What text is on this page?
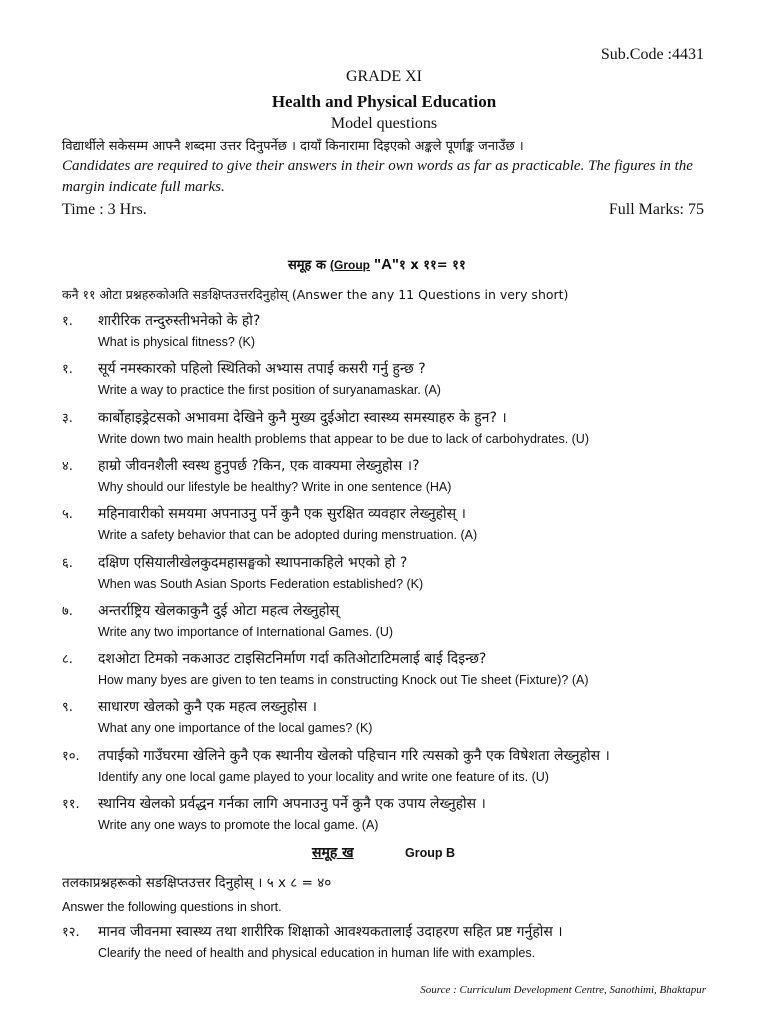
Sub.Code :4431
GRADE XI
Health and Physical Education
Model questions
विद्यार्थीले सकेसम्म आफ्नै शब्दमा उत्तर दिनुपर्नेछ । दायाँ किनारामा दिइएको अङ्कले पूर्णाङ्क जनाउँछ ।
Candidates are required to give their answers in their own words as far as practicable. The figures in the
margin indicate full marks.
Time : 3 Hrs.	Full Marks: 75
समूह क (Group "A"१ x ११= ११
कनै ११ ओटा प्रश्नहरुकोअति सङक्षिप्तउत्तरदिनुहोस् (Answer the any 11 Questions in very short)
१. शारीरिक तन्दुरुस्तीभनेको के हो?
What is physical fitness? (K)
१. सूर्य नमस्कारको पहिलो स्थितिको अभ्यास तपाई कसरी गर्नु हुन्छ ?
Write a way to practice the first position of suryanamaskar. (A)
३. कार्बोहाइड्रेटसको अभावमा देखिने कुनै मुख्य दुईओटा स्वास्थ्य समस्याहरु के हुन? ।
Write down two main health problems that appear to be due to lack of carbohydrates. (U)
४. हाम्रो जीवनशैली स्वस्थ हुनुपर्छ ?किन, एक वाक्यमा लेख्नुहोस ।?
Why should our lifestyle be healthy? Write in one sentence (HA)
५. महिनावारीको समयमा अपनाउनु पर्ने कुनै एक सुरक्षित व्यवहार लेख्नुहोस् ।
Write a safety behavior that can be adopted during menstruation. (A)
६. दक्षिण एसियालीखेलकुदमहासङ्घको स्थापनाकहिले भएको हो ?
When was South Asian Sports Federation established? (K)
७. अन्तर्राष्ट्रिय खेलकाकुनै दुई ओटा महत्व लेख्नुहोस्
Write any two importance of International Games. (U)
८. दशओटा टिमको नकआउट टाइसिटनिर्माण गर्दा कतिओटाटिमलाई बाई दिइन्छ?
How many byes are given to ten teams in constructing Knock out Tie sheet (Fixture)? (A)
९. साधारण खेलको कुनै एक महत्व लख्नुहोस ।
What any one importance of the local games? (K)
१०. तपाईको गाउँघरमा खेलिने कुनै एक स्थानीय खेलको पहिचान गरि त्यसको कुनै एक विषेशता लेख्नुहोस ।
Identify any one local game played to your locality and write one feature of its. (U)
११. स्थानिय खेलको प्रर्वद्धन गर्नका लागि अपनाउनु पर्ने कुनै एक उपाय लेख्नुहोस ।
Write any one ways to promote the local game. (A)
समूह ख	Group B
तलकाप्रश्नहरूको सङक्षिप्तउत्तर दिनुहोस् । ५ x ८ = ४०
Answer the following questions in short.
१२. मानव जीवनमा स्वास्थ्य तथा शारीरिक शिक्षाको आवश्यकतालाई उदाहरण सहित प्रष्ट गर्नुहोस ।
Clearify the need of health and physical education in human life with examples.
Source : Curriculum Development Centre, Sanothimi, Bhaktapur
